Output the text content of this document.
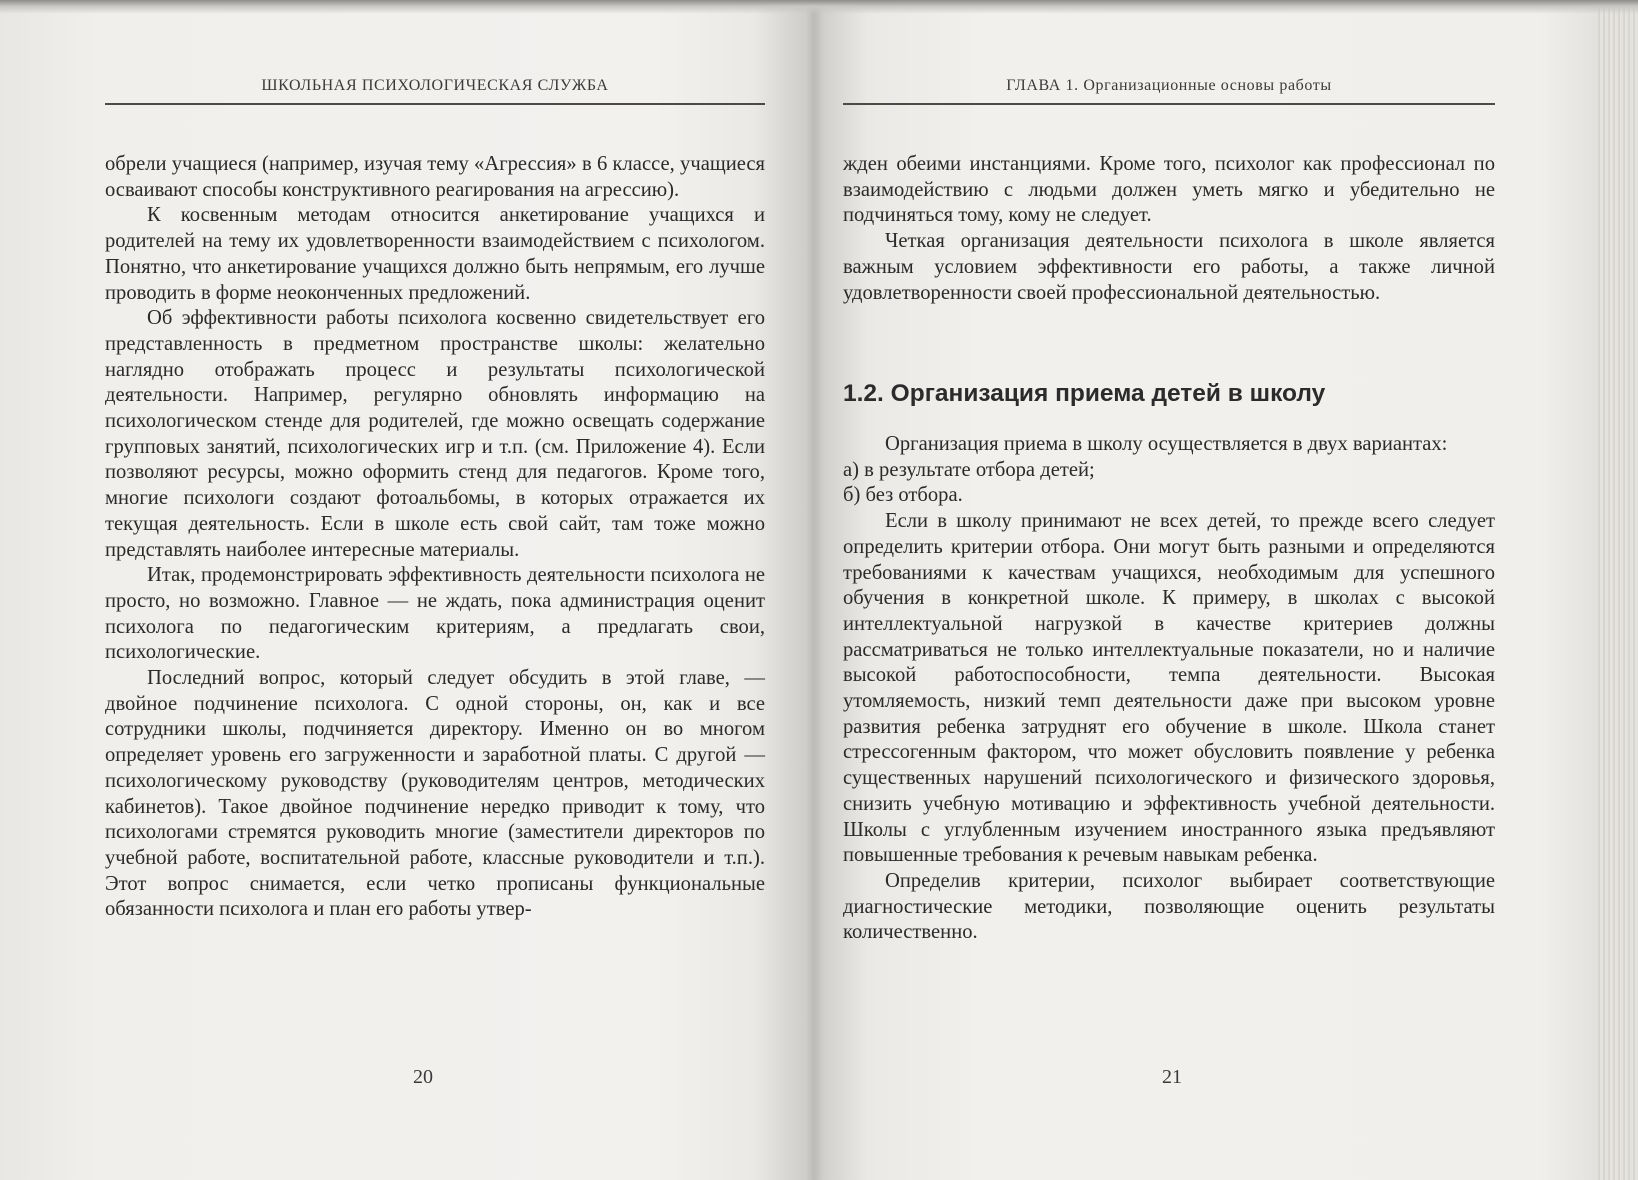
ШКОЛЬНАЯ ПСИХОЛОГИЧЕСКАЯ СЛУЖБА

обрели учащиеся (например, изучая тему «Агрессия» в 6 классе, учащиеся осваивают способы конструктивного реагирования на агрессию).

К косвенным методам относится анкетирование учащихся и родителей на тему их удовлетворенности взаимодействием с психологом. Понятно, что анкетирование учащихся должно быть непрямым, его лучше проводить в форме неоконченных предложений.

Об эффективности работы психолога косвенно свидетельствует его представленность в предметном пространстве школы: желательно наглядно отображать процесс и результаты психологической деятельности. Например, регулярно обновлять информацию на психологическом стенде для родителей, где можно освещать содержание групповых занятий, психологических игр и т.п. (см. Приложение 4). Если позволяют ресурсы, можно оформить стенд для педагогов. Кроме того, многие психологи создают фотоальбомы, в которых отражается их текущая деятельность. Если в школе есть свой сайт, там тоже можно представлять наиболее интересные материалы.

Итак, продемонстрировать эффективность деятельности психолога не просто, но возможно. Главное — не ждать, пока администрация оценит психолога по педагогическим критериям, а предлагать свои, психологические.

Последний вопрос, который следует обсудить в этой главе, — двойное подчинение психолога. С одной стороны, он, как и все сотрудники школы, подчиняется директору. Именно он во многом определяет уровень его загруженности и заработной платы. С другой — психологическому руководству (руководителям центров, методических кабинетов). Такое двойное подчинение нередко приводит к тому, что психологами стремятся руководить многие (заместители директоров по учебной работе, воспитательной работе, классные руководители и т.п.). Этот вопрос снимается, если четко прописаны функциональные обязанности психолога и план его работы утвер-

20
ГЛАВА 1. Организационные основы работы

жден обеими инстанциями. Кроме того, психолог как профессионал по взаимодействию с людьми должен уметь мягко и убедительно не подчиняться тому, кому не следует.

Четкая организация деятельности психолога в школе является важным условием эффективности его работы, а также личной удовлетворенности своей профессиональной деятельностью.

1.2. Организация приема детей в школу

Организация приема в школу осуществляется в двух вариантах:

а) в результате отбора детей;

б) без отбора.

Если в школу принимают не всех детей, то прежде всего следует определить критерии отбора. Они могут быть разными и определяются требованиями к качествам учащихся, необходимым для успешного обучения в конкретной школе. К примеру, в школах с высокой интеллектуальной нагрузкой в качестве критериев должны рассматриваться не только интеллектуальные показатели, но и наличие высокой работоспособности, темпа деятельности. Высокая утомляемость, низкий темп деятельности даже при высоком уровне развития ребенка затруднят его обучение в школе. Школа станет стрессогенным фактором, что может обусловить появление у ребенка существенных нарушений психологического и физического здоровья, снизить учебную мотивацию и эффективность учебной деятельности. Школы с углубленным изучением иностранного языка предъявляют повышенные требования к речевым навыкам ребенка.

Определив критерии, психолог выбирает соответствующие диагностические методики, позволяющие оценить результаты количественно.

21
